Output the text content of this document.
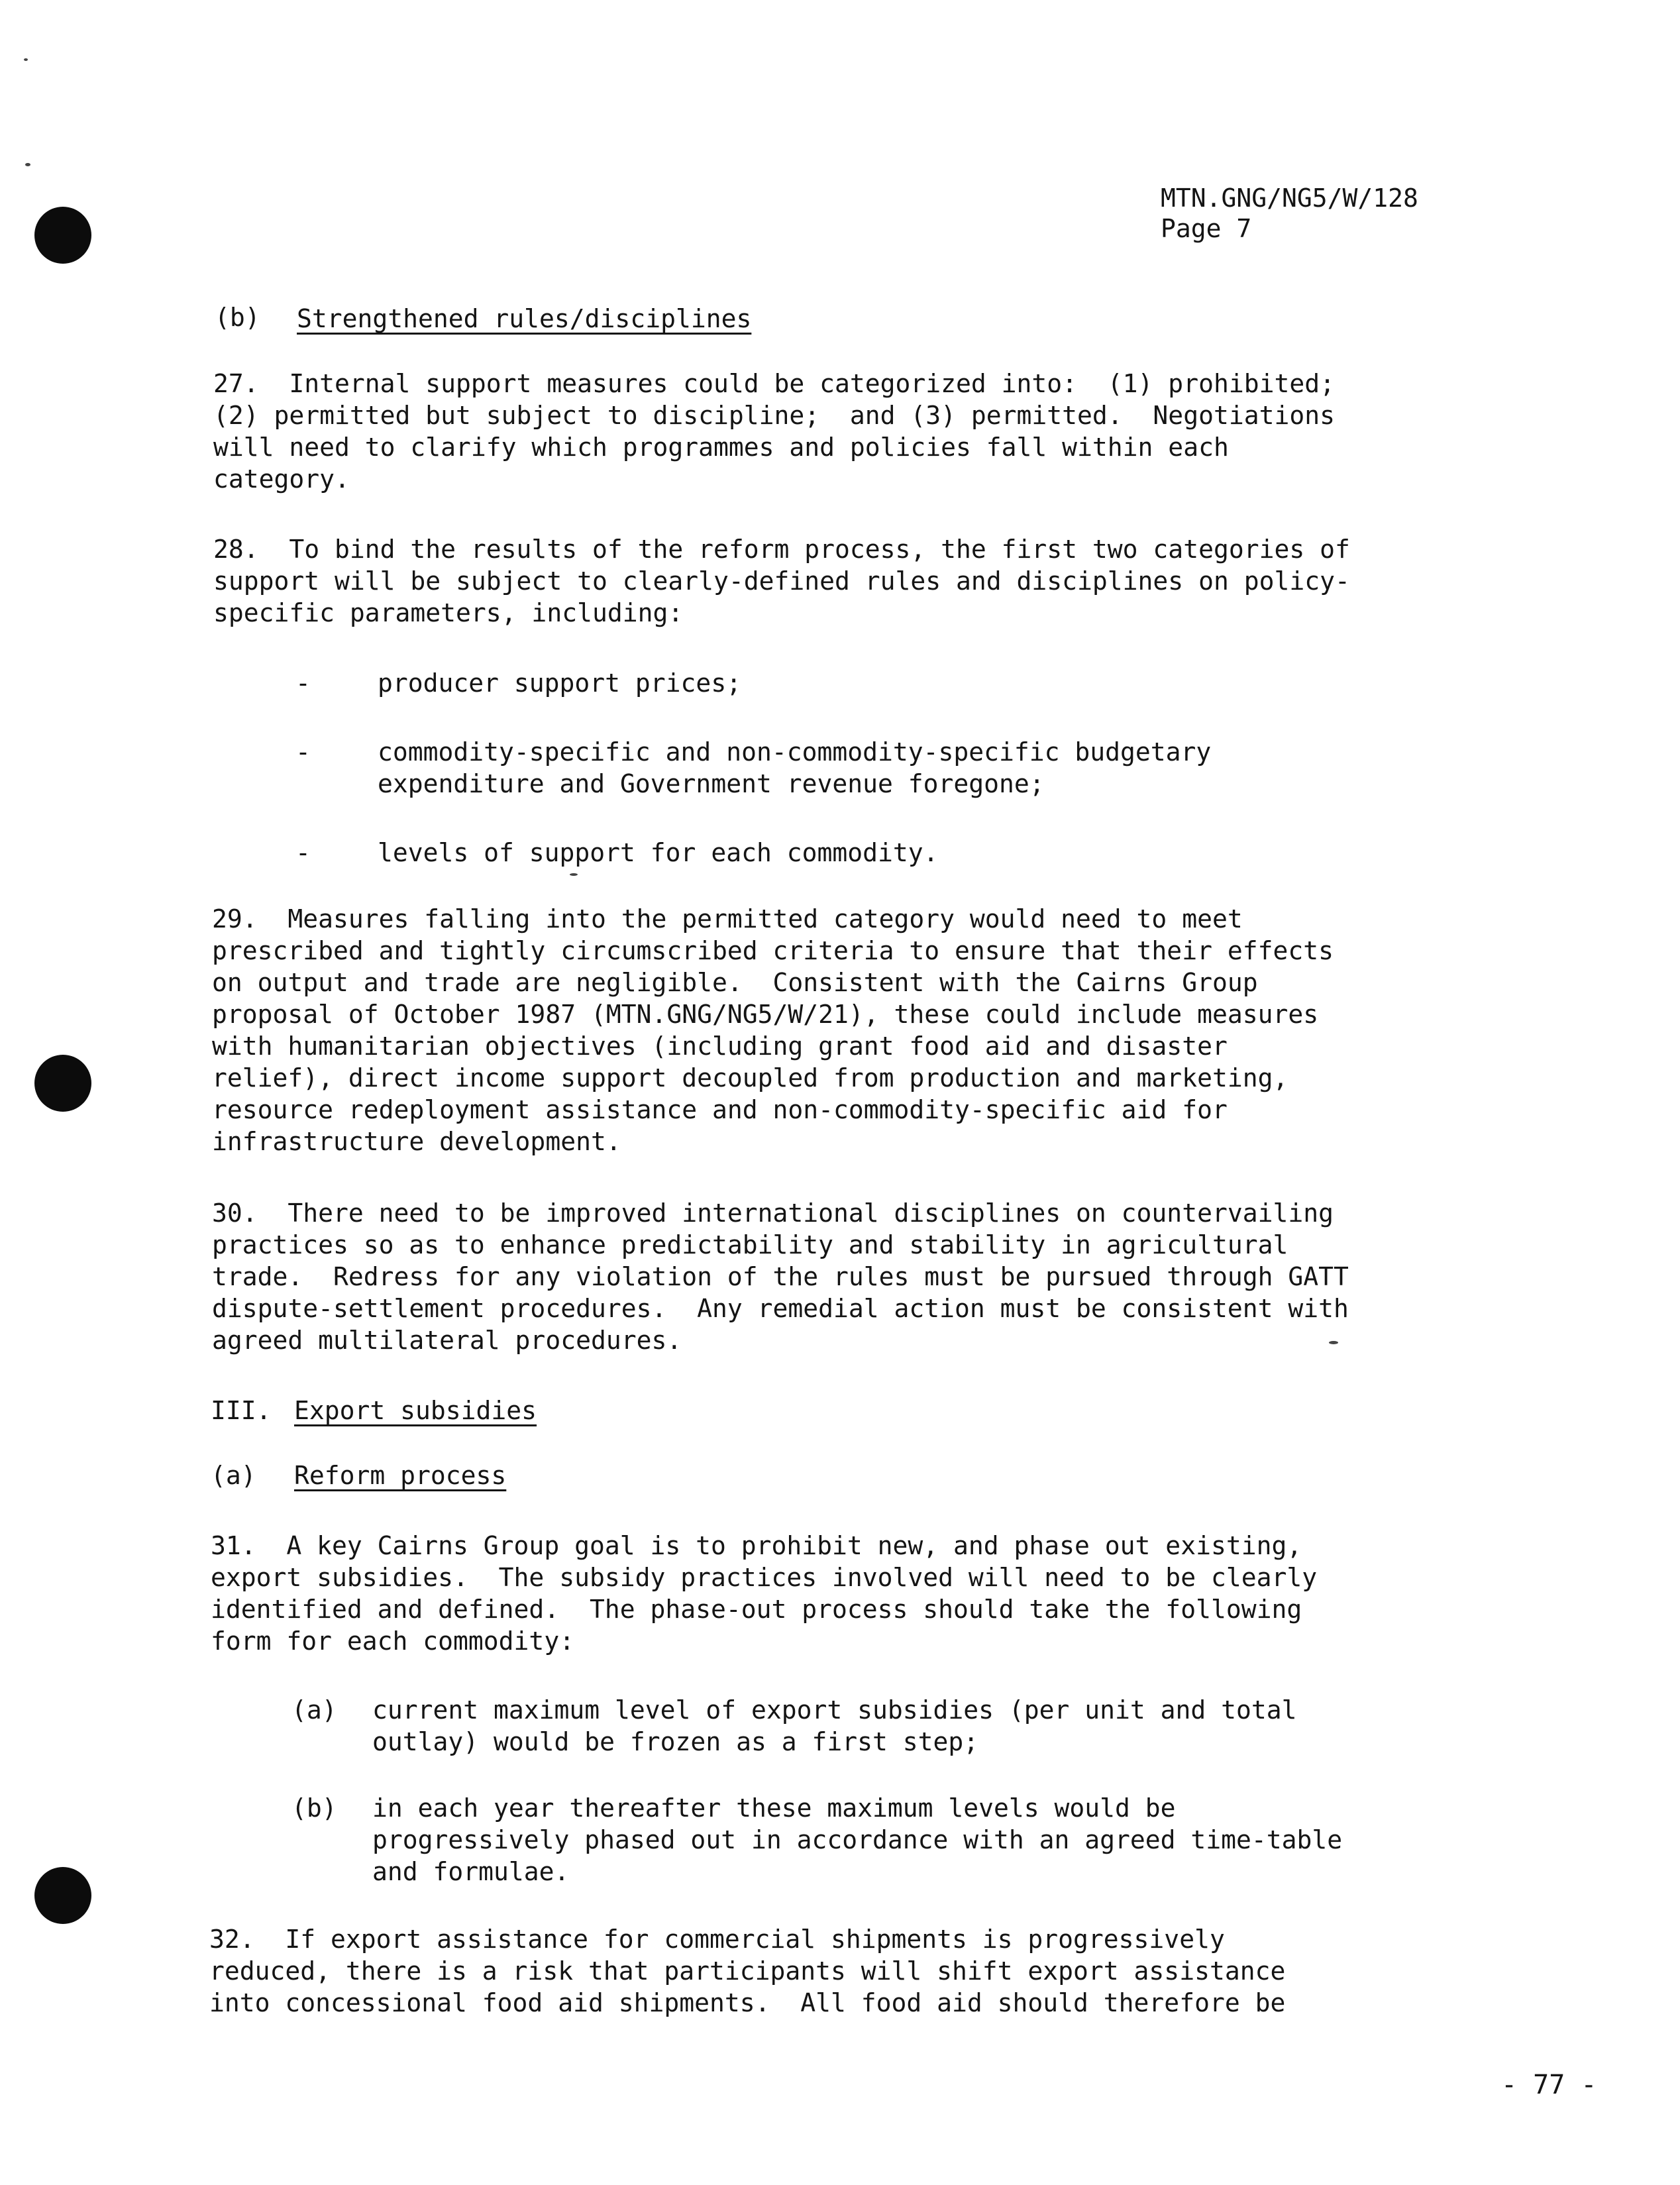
MTN.GNG/NG5/W/128
Page 7
(b) Strengthened rules/disciplines
27.  Internal support measures could be categorized into:  (1) prohibited;
(2) permitted but subject to discipline;  and (3) permitted.  Negotiations
will need to clarify which programmes and policies fall within each
category.
28.  To bind the results of the reform process, the first two categories of
support will be subject to clearly-defined rules and disciplines on policy-
specific parameters, including:
-	producer support prices;
-	commodity-specific and non-commodity-specific budgetary
expenditure and Government revenue foregone;
-	levels of support for each commodity.
29.  Measures falling into the permitted category would need to meet
prescribed and tightly circumscribed criteria to ensure that their effects
on output and trade are negligible.  Consistent with the Cairns Group
proposal of October 1987 (MTN.GNG/NG5/W/21), these could include measures
with humanitarian objectives (including grant food aid and disaster
relief), direct income support decoupled from production and marketing,
resource redeployment assistance and non-commodity-specific aid for
infrastructure development.
30.  There need to be improved international disciplines on countervailing
practices so as to enhance predictability and stability in agricultural
trade.  Redress for any violation of the rules must be pursued through GATT
dispute-settlement procedures.  Any remedial action must be consistent with
agreed multilateral procedures.
III. Export subsidies
(a) Reform process
31.  A key Cairns Group goal is to prohibit new, and phase out existing,
export subsidies.  The subsidy practices involved will need to be clearly
identified and defined.  The phase-out process should take the following
form for each commodity:
(a) current maximum level of export subsidies (per unit and total
outlay) would be frozen as a first step;
(b) in each year thereafter these maximum levels would be
progressively phased out in accordance with an agreed time-table
and formulae.
32.  If export assistance for commercial shipments is progressively
reduced, there is a risk that participants will shift export assistance
into concessional food aid shipments.  All food aid should therefore be
- 77 -
